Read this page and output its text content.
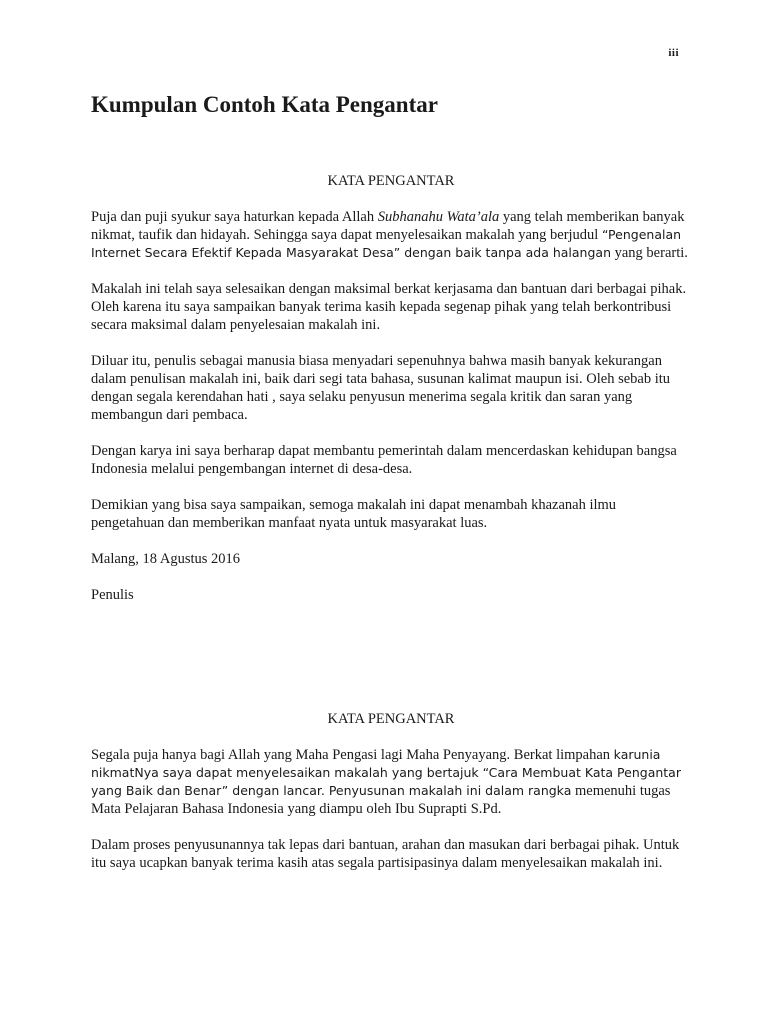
iii
Kumpulan Contoh Kata Pengantar
KATA PENGANTAR

Puja dan puji syukur saya haturkan kepada Allah Subhanahu Wata’ala yang telah memberikan banyak nikmat, taufik dan hidayah. Sehingga saya dapat menyelesaikan makalah yang berjudul “Pengenalan Internet Secara Efektif Kepada Masyarakat Desa” dengan baik tanpa ada halangan yang berarti.

Makalah ini telah saya selesaikan dengan maksimal berkat kerjasama dan bantuan dari berbagai pihak. Oleh karena itu saya sampaikan banyak terima kasih kepada segenap pihak yang telah berkontribusi secara maksimal dalam penyelesaian makalah ini.

Diluar itu, penulis sebagai manusia biasa menyadari sepenuhnya bahwa masih banyak kekurangan dalam penulisan makalah ini, baik dari segi tata bahasa, susunan kalimat maupun isi. Oleh sebab itu dengan segala kerendahan hati , saya selaku penyusun menerima segala kritik dan saran yang membangun dari pembaca.

Dengan karya ini saya berharap dapat membantu pemerintah dalam mencerdaskan kehidupan bangsa Indonesia melalui pengembangan internet di desa-desa.

Demikian yang bisa saya sampaikan, semoga makalah ini dapat menambah khazanah ilmu pengetahuan dan memberikan manfaat nyata untuk masyarakat luas.

Malang, 18 Agustus 2016

Penulis

KATA PENGANTAR

Segala puja hanya bagi Allah yang Maha Pengasi lagi Maha Penyayang. Berkat limpahan karunia nikmatNya saya dapat menyelesaikan makalah yang bertajuk “Cara Membuat Kata Pengantar yang Baik dan Benar” dengan lancar. Penyusunan makalah ini dalam rangka memenuhi tugas Mata Pelajaran Bahasa Indonesia yang diampu oleh Ibu Suprapti S.Pd.

Dalam proses penyusunannya tak lepas dari bantuan, arahan dan masukan dari berbagai pihak. Untuk itu saya ucapkan banyak terima kasih atas segala partisipasinya dalam menyelesaikan makalah ini.
